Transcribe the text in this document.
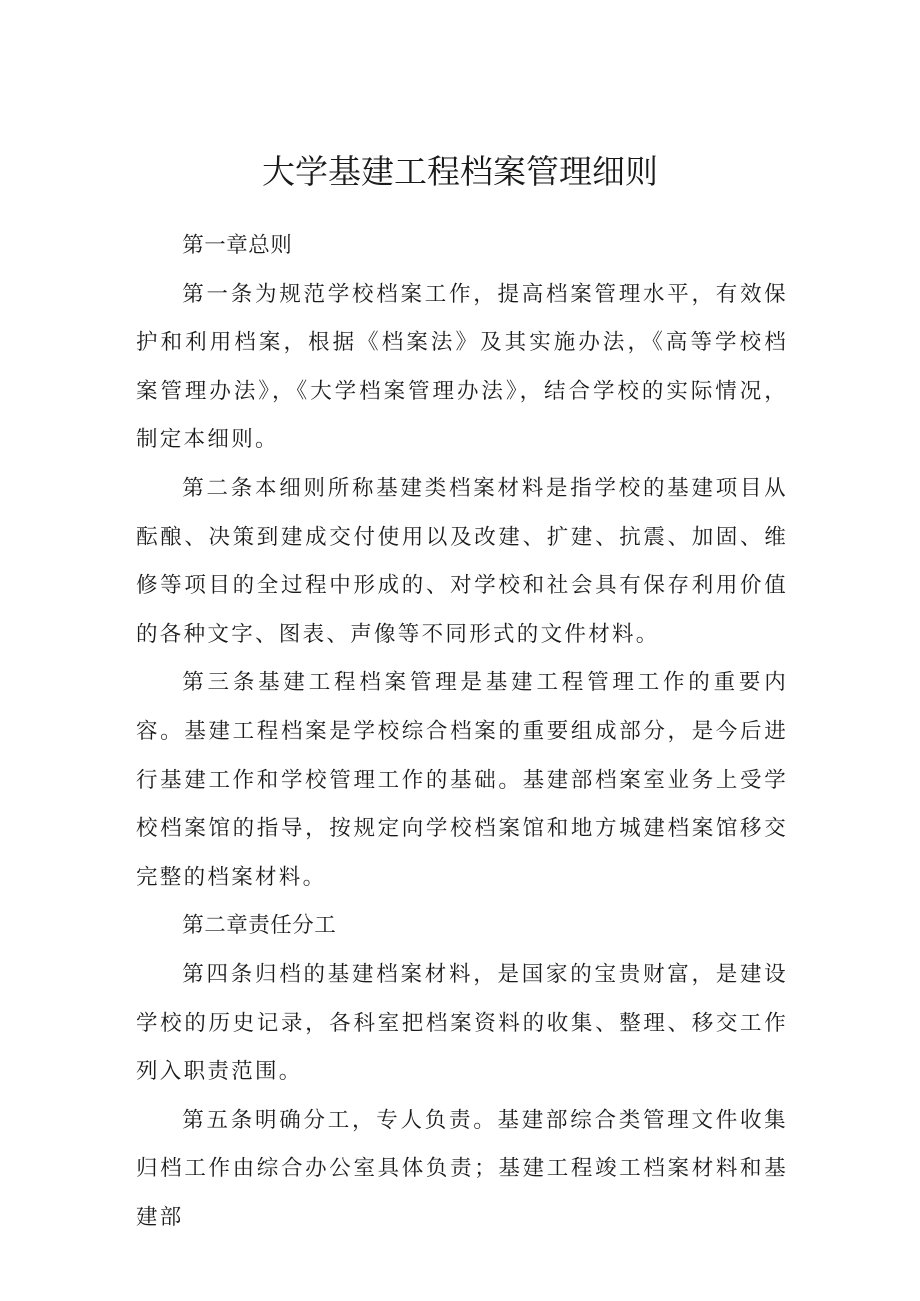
大学基建工程档案管理细则

第一章总则

第一条为规范学校档案工作，提高档案管理水平，有效保护和利用档案，根据《档案法》及其实施办法，《高等学校档案管理办法》，《大学档案管理办法》，结合学校的实际情况，制定本细则。

第二条本细则所称基建类档案材料是指学校的基建项目从酝酿、决策到建成交付使用以及改建、扩建、抗震、加固、维修等项目的全过程中形成的、对学校和社会具有保存利用价值的各种文字、图表、声像等不同形式的文件材料。

第三条基建工程档案管理是基建工程管理工作的重要内容。基建工程档案是学校综合档案的重要组成部分，是今后进行基建工作和学校管理工作的基础。基建部档案室业务上受学校档案馆的指导，按规定向学校档案馆和地方城建档案馆移交完整的档案材料。

第二章责任分工

第四条归档的基建档案材料，是国家的宝贵财富，是建设学校的历史记录，各科室把档案资料的收集、整理、移交工作列入职责范围。

第五条明确分工，专人负责。基建部综合类管理文件收集归档工作由综合办公室具体负责；基建工程竣工档案材料和基建部
